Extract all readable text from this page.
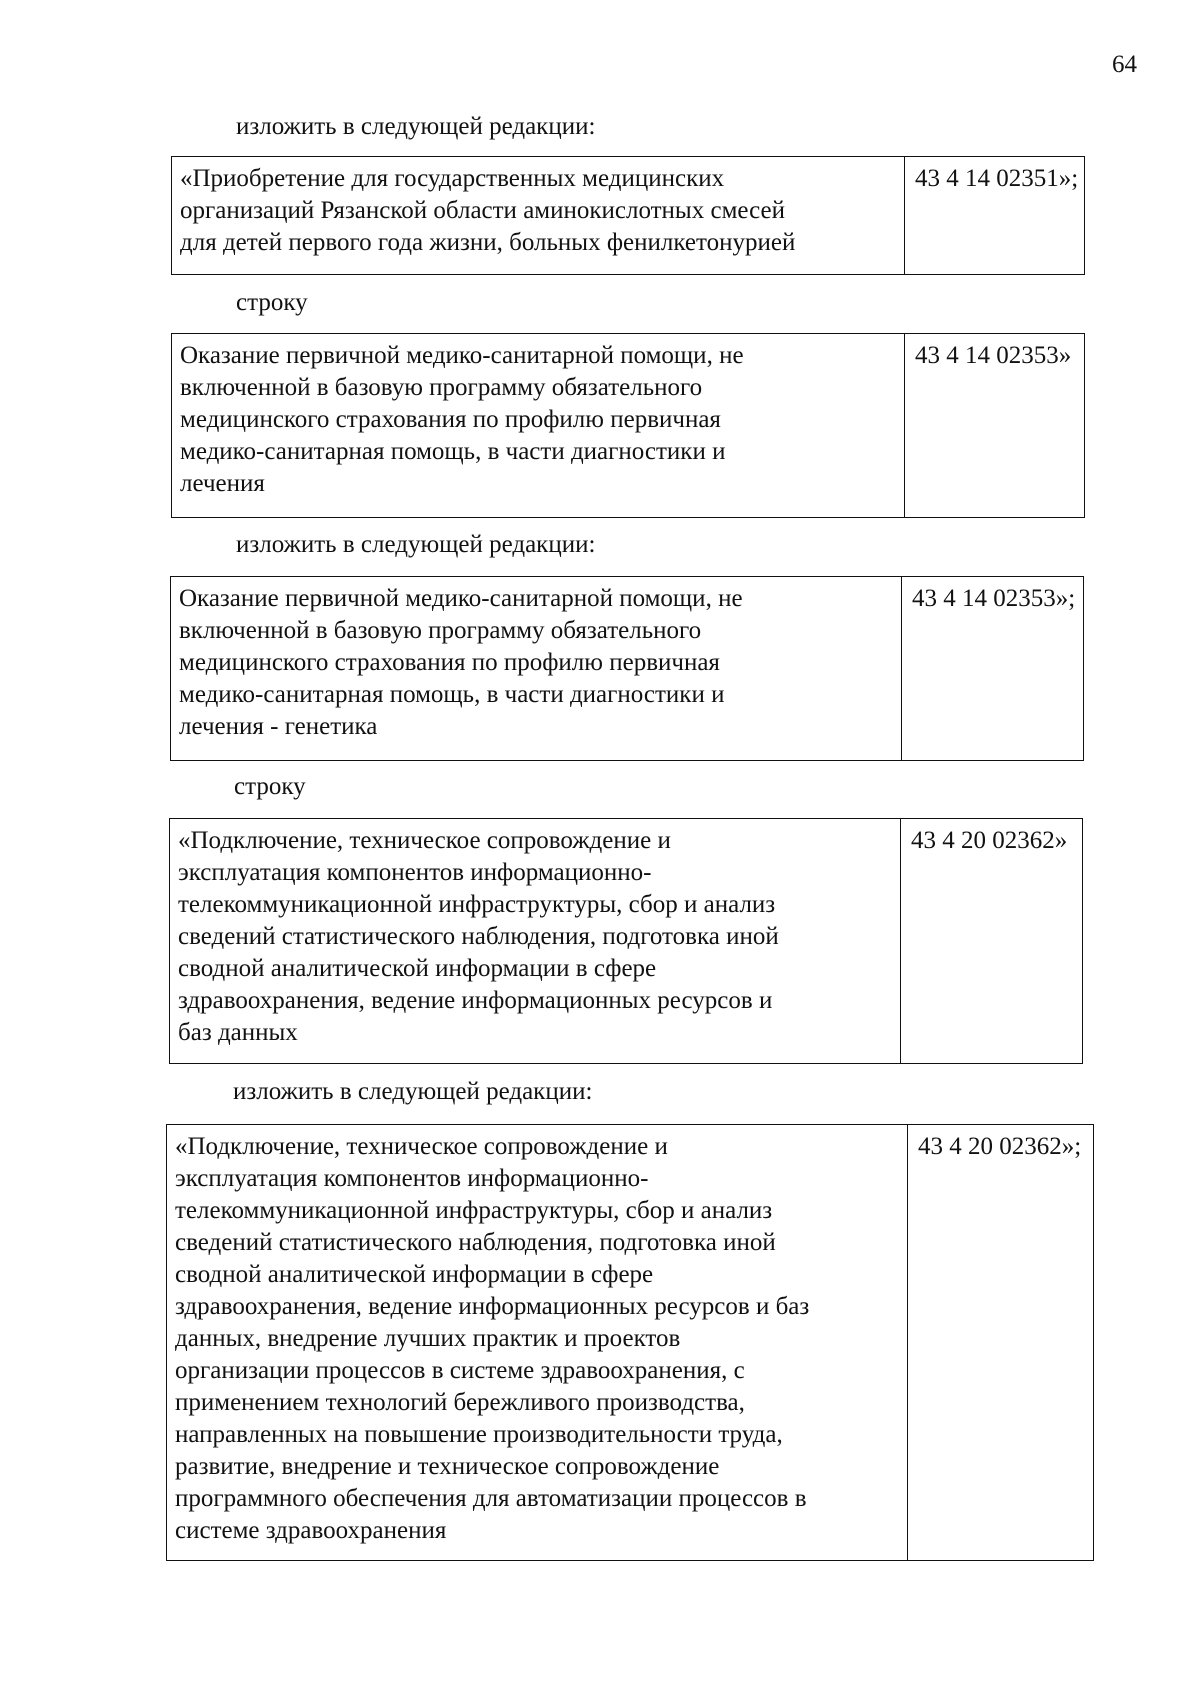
64
изложить в следующей редакции:
«Приобретение для государственных медицинских
организаций Рязанской области аминокислотных смесей
для детей первого года жизни, больных фенилкетонурией
	43 4 14 02351»;
строку
Оказание первичной медико-санитарной помощи, не
включенной в базовую программу обязательного
медицинского страхования по профилю первичная
медико-санитарная помощь, в части диагностики и
лечения
	43 4 14 02353»
изложить в следующей редакции:
Оказание первичной медико-санитарной помощи, не
включенной в базовую программу обязательного
медицинского страхования по профилю первичная
медико-санитарная помощь, в части диагностики и
лечения - генетика
	43 4 14 02353»;
строку
«Подключение, техническое сопровождение и
эксплуатация компонентов информационно-
телекоммуникационной инфраструктуры, сбор и анализ
сведений статистического наблюдения, подготовка иной
сводной аналитической информации в сфере
здравоохранения, ведение информационных ресурсов и
баз данных
	43 4 20 02362»
изложить в следующей редакции:
«Подключение, техническое сопровождение и
эксплуатация компонентов информационно-
телекоммуникационной инфраструктуры, сбор и анализ
сведений статистического наблюдения, подготовка иной
сводной аналитической информации в сфере
здравоохранения, ведение информационных ресурсов и баз
данных, внедрение лучших практик и проектов
организации процессов в системе здравоохранения, с
применением технологий бережливого производства,
направленных на повышение производительности труда,
развитие, внедрение и техническое сопровождение
программного обеспечения для автоматизации процессов в
системе здравоохранения
	43 4 20 02362»;
